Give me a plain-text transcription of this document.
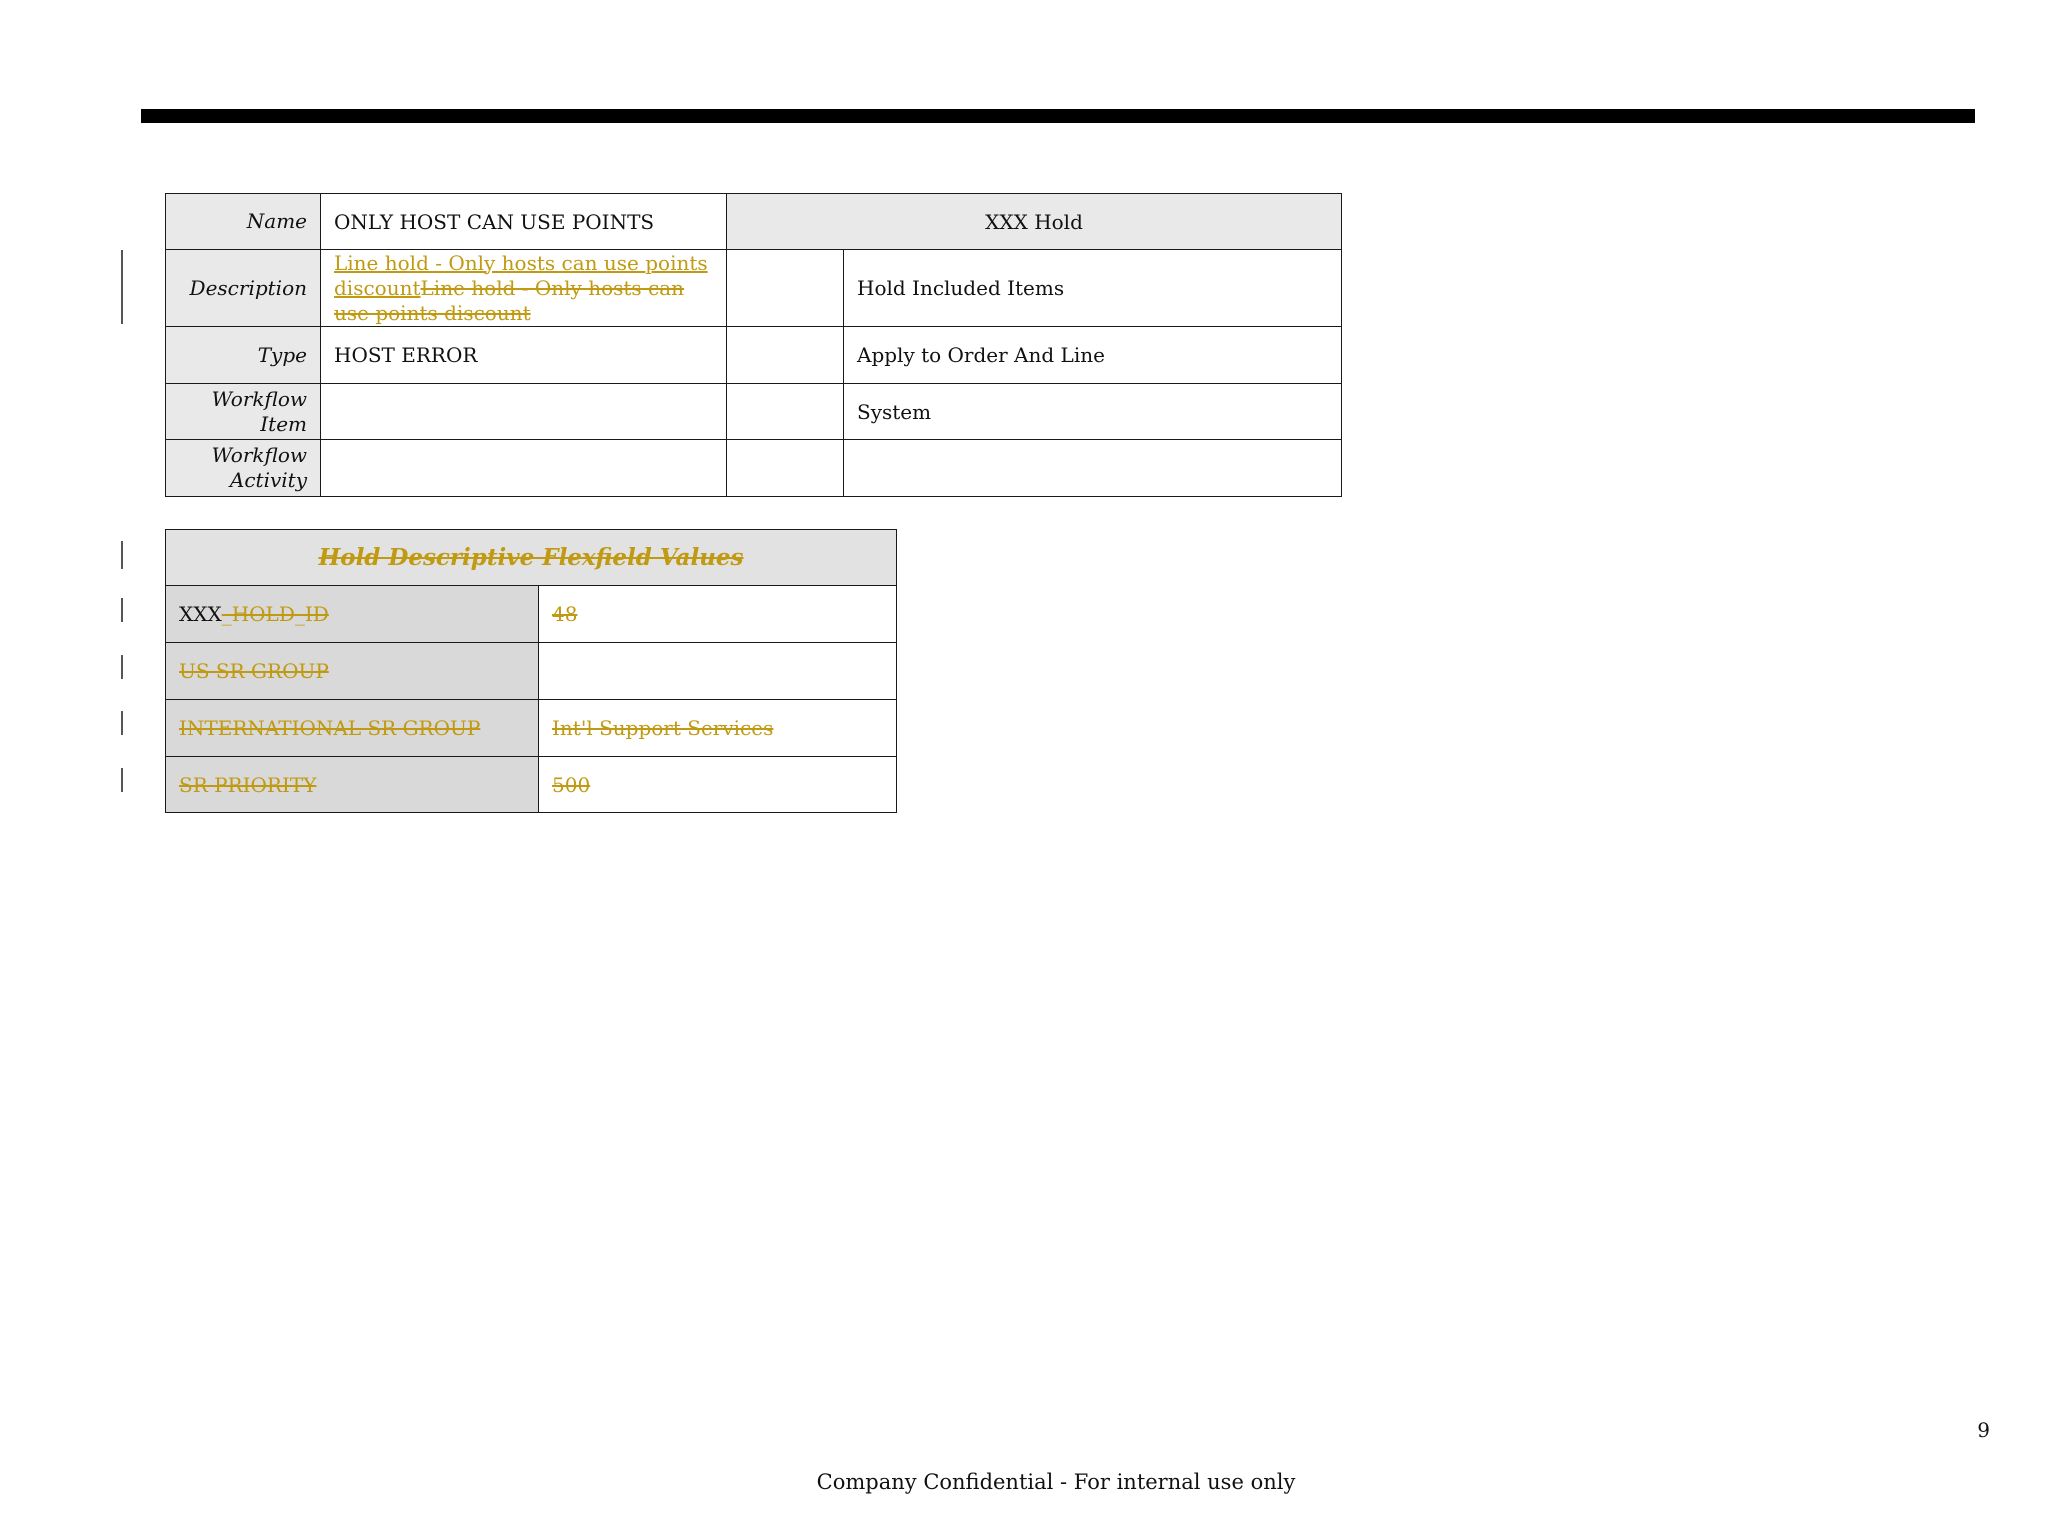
Name	ONLY HOST CAN USE POINTS	XXX Hold	
Description	Line hold - Only hosts can use points discountLine hold - Only hosts can use points discount		Hold Included Items
Type	HOST ERROR		Apply to Order And Line
Workflow Item			System
Workflow
Activity			
Hold Descriptive Flexfield Values	
XXX_HOLD_ID	48
US SR GROUP	
INTERNATIONAL SR GROUP	Int'l Support Services
SR PRIORITY	500
9
Company Confidential - For internal use only
